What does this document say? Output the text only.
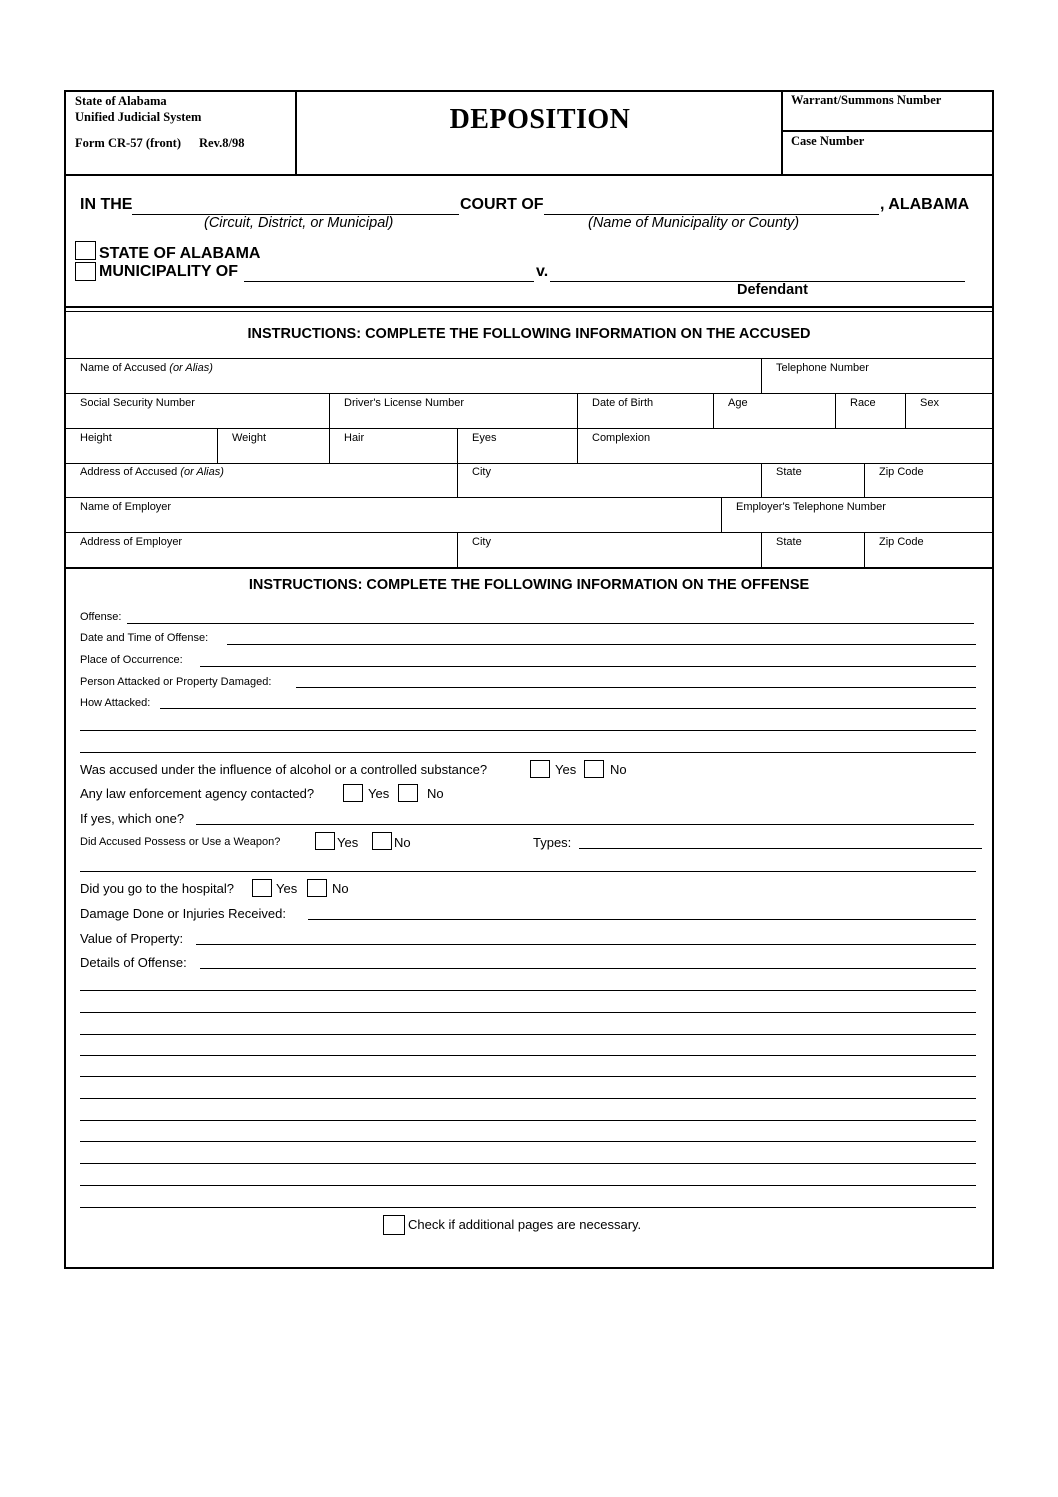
State of Alabama
Unified Judicial System
Form CR-57 (front) Rev.8/98
DEPOSITION
Warrant/Summons Number
Case Number
IN THE	COURT OF	, ALABAMA
(Circuit, District, or Municipal)	(Name of Municipality or County)
STATE OF ALABAMA
MUNICIPALITY OF	v.
Defendant
INSTRUCTIONS: COMPLETE THE FOLLOWING INFORMATION ON THE ACCUSED
Name of Accused (or Alias)	Telephone Number
Social Security Number	Driver's License Number	Date of Birth	Age	Race	Sex
Height	Weight	Hair	Eyes	Complexion
Address of Accused (or Alias)	City	State	Zip Code
Name of Employer	Employer's Telephone Number
Address of Employer	City	State	Zip Code
INSTRUCTIONS: COMPLETE THE FOLLOWING INFORMATION ON THE OFFENSE
Offense:
Date and Time of Offense:
Place of Occurrence:
Person Attacked or Property Damaged:
How Attacked:
Was accused under the influence of alcohol or a controlled substance?	Yes	No
Any law enforcement agency contacted?	Yes	No
If yes, which one?
Did Accused Possess or Use a Weapon?	Yes	No	Types:
Did you go to the hospital?	Yes	No
Damage Done or Injuries Received:
Value of Property:
Details of Offense:
Check if additional pages are necessary.
